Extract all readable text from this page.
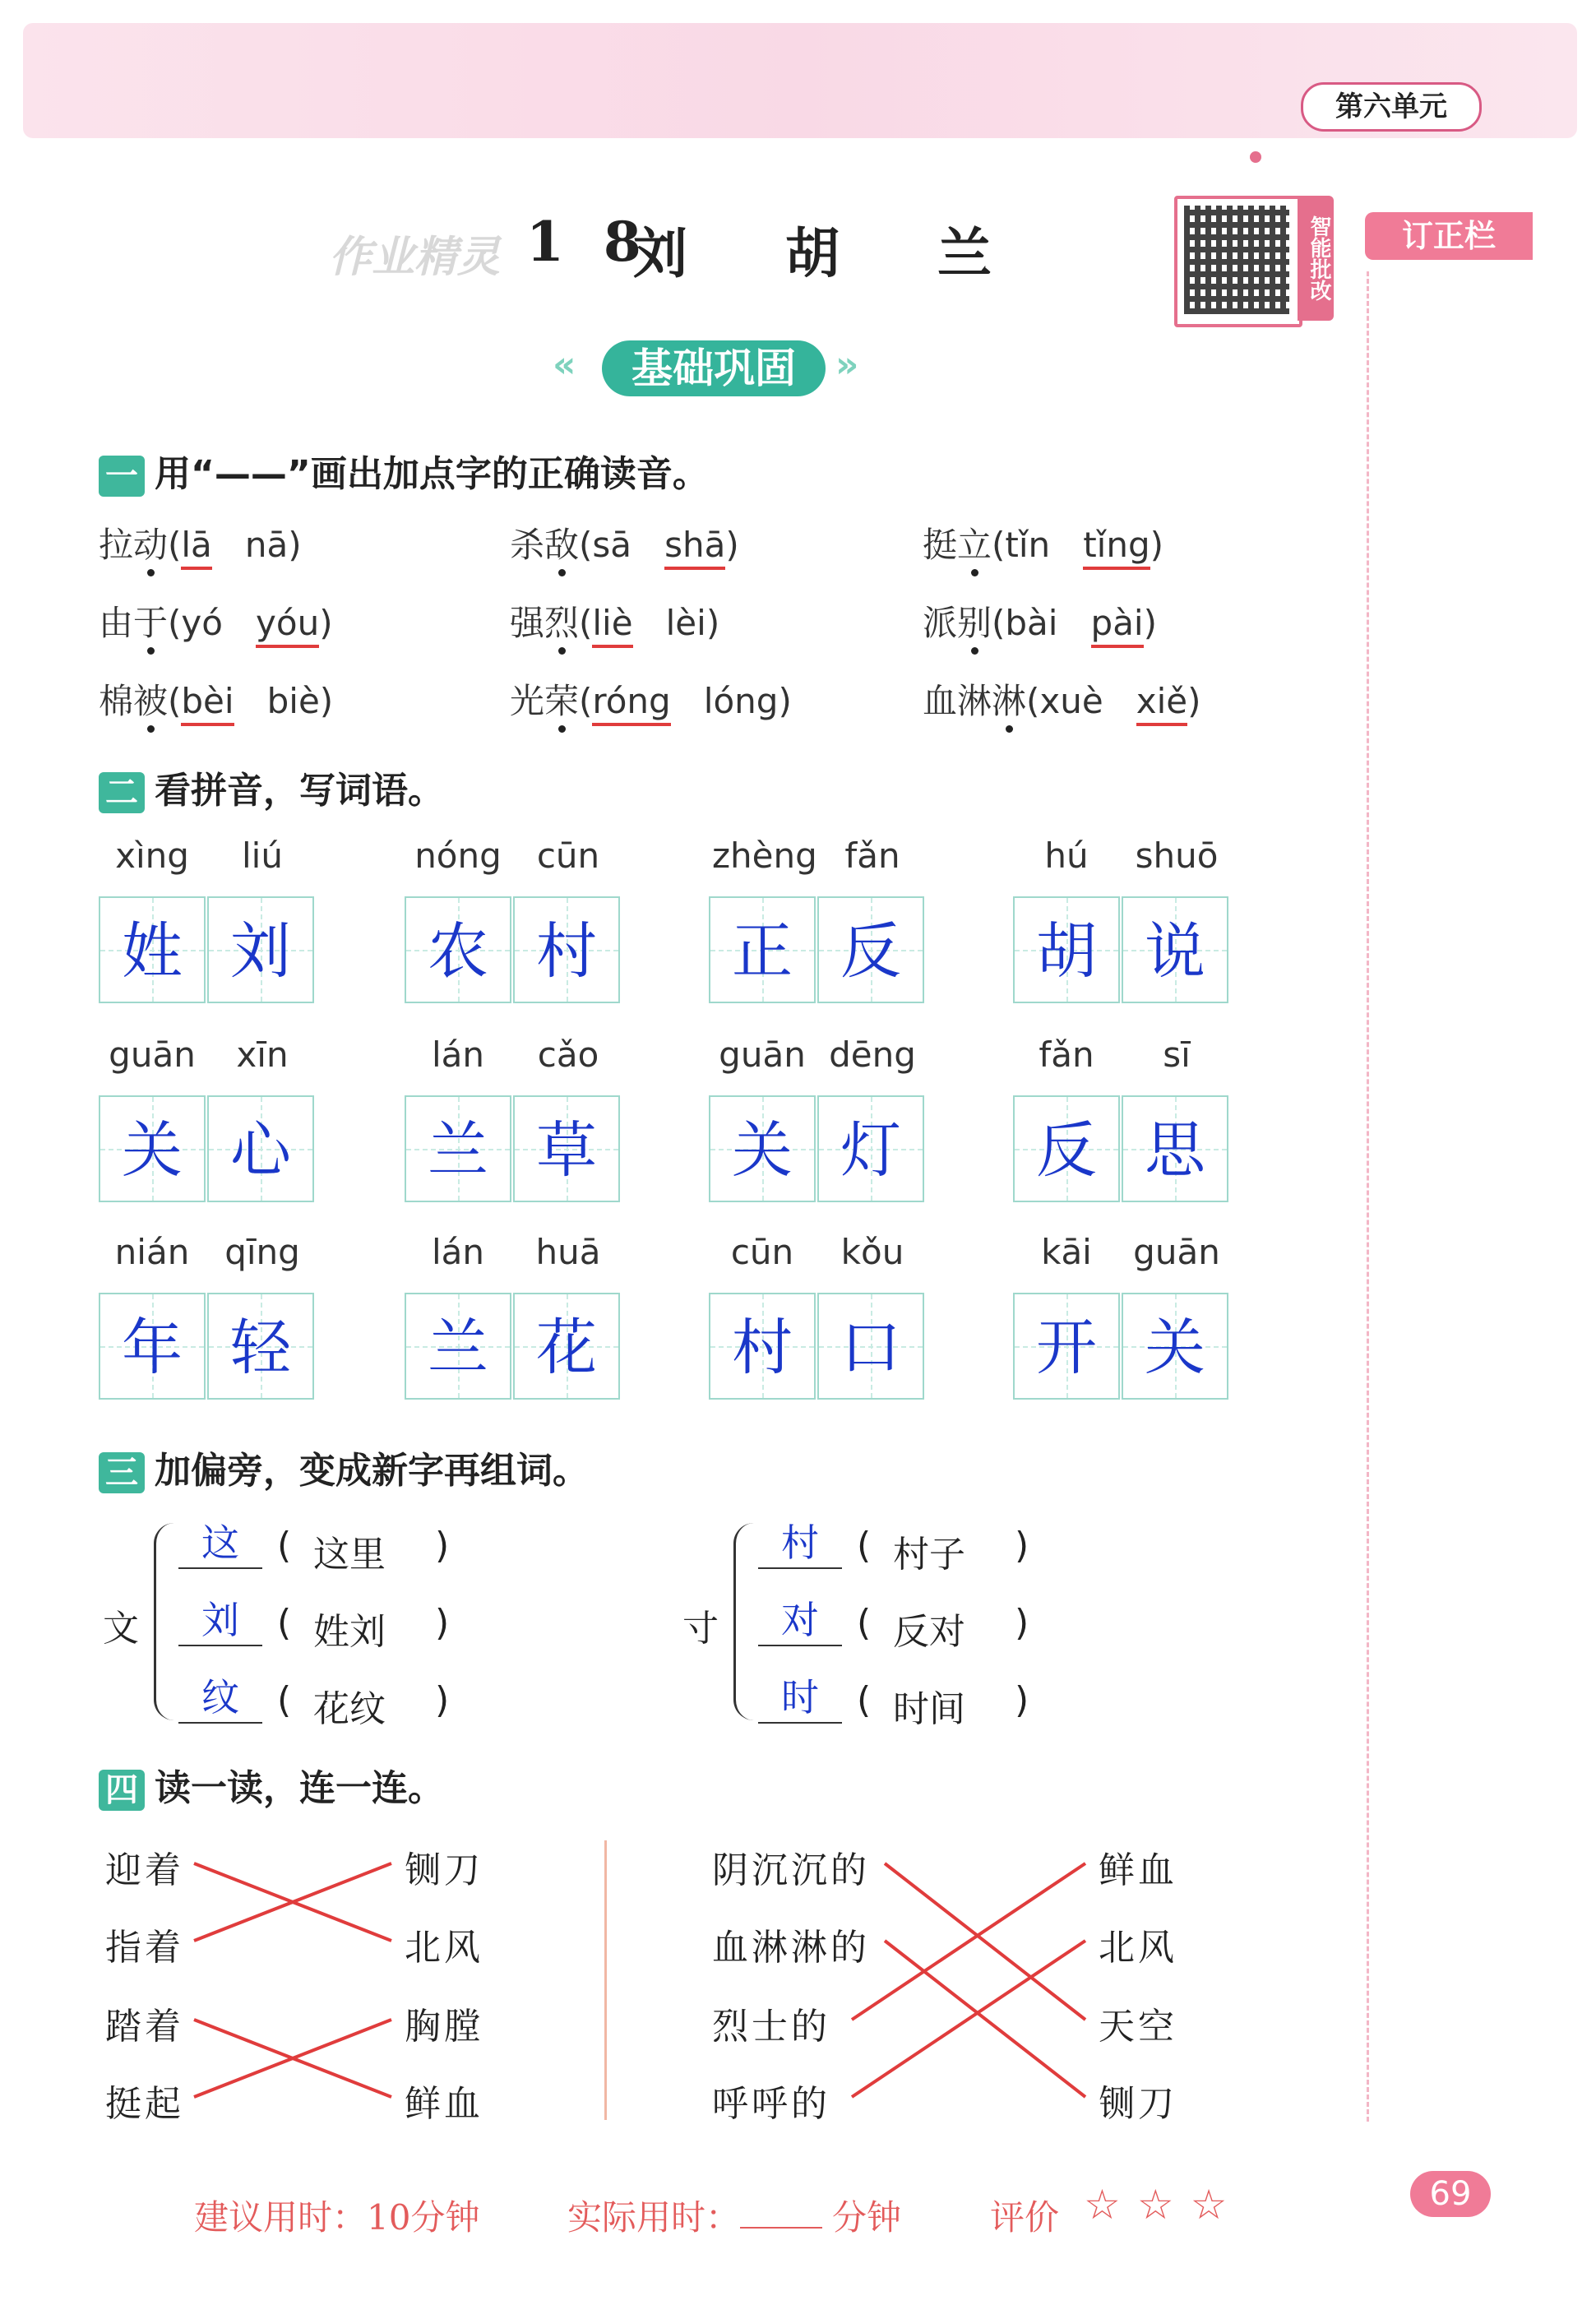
第六单元
作业精灵 18
刘 胡 兰	智能批改	订正栏
«	基础巩固	»
一 用“——”画出加点字的正确读音。
拉动(lā nā)	杀敌(sā shā)	挺立(tǐn tǐng)
由于(yó yóu)	强烈(liè lèi)	派别(bài pài)
棉被(bèi biè)	光荣(róng lóng)	血淋淋(xuè xiě)
二 看拼音，写词语。
xìng	liú
姓 刘
nóng	cūn
农 村
zhèng fǎn
正 反
hú	shuō
胡 说
guān	xīn
关 心
lán	cǎo
兰 草
guān dēng
关 灯
fǎn	sī
反 思
nián	qīng
年 轻
lán	huā
兰 花
cūn	kǒu
村 口
kāi	guān
开 关
三 加偏旁，变成新字再组词。
文
这	( 这里 )
刘	( 姓刘 )
纹	( 花纹 )
寸
村	( 村子 )
对	( 反对 )
时	( 时间 )
四 读一读，连一连。
迎着
指着
踏着
挺起
铡刀
北风
胸膛
鲜血
阴沉沉的
血淋淋的
烈士的
呼呼的
鲜血
北风
天空
铡刀
建议用时：10分钟	实际用时：	分钟	评价 ☆ ☆ ☆	69
